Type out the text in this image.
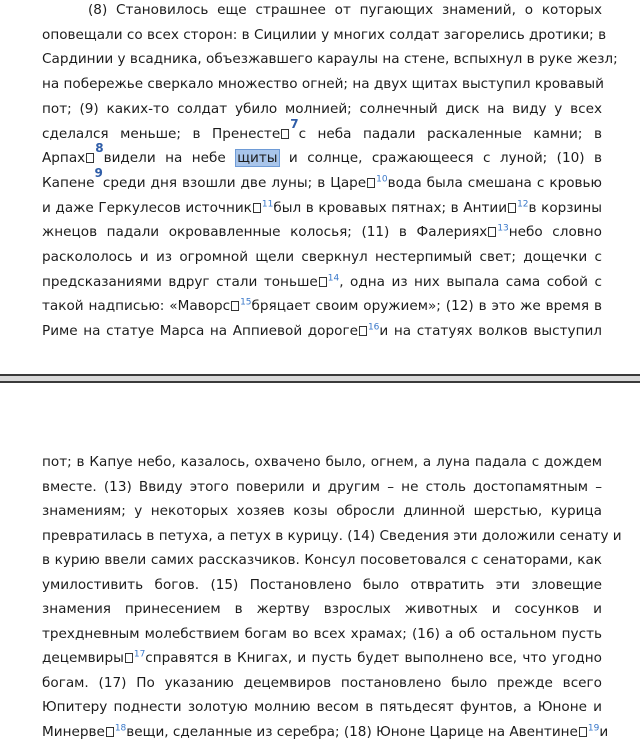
(8) Становилось еще страшнее от пугающих знамений, о которых
оповещали со всех сторон: в Сицилии у многих солдат загорелись дротики; в
Сардинии у всадника, объезжавшего караулы на стене, вспыхнул в руке жезл;
на побережье сверкало множество огней; на двух щитах выступил кровавый
пот; (9) каких-то солдат убило молнией; солнечный диск на виду у всех
сделался меньше; в Пренесте7с неба падали раскаленные камни; в
Арпах8видели на небе щиты и солнце, сражающееся с луной; (10) в
Капене9среди дня взошли две луны; в Царе $^{10}$вода была смешана с кровью
и даже Геркулесов источник $^{11}$был в кровавых пятнах; в Антии $^{12}$в корзины
жнецов падали окровавленные колосья; (11) в Фалериях $^{13}$небо словно
раскололось и из огромной щели сверкнул нестерпимый свет; дощечки с
предсказаниями вдруг стали тоньше $^{14}$, одна из них выпала сама собой с
такой надписью: «Маворс $^{15}$бряцает своим оружием»; (12) в это же время в
Риме на статуе Марса на Аппиевой дороге $^{16}$и на статуях волков выступил
пот; в Капуе небо, казалось, охвачено было, огнем, а луна падала с дождем
вместе. (13) Ввиду этого поверили и другим – не столь достопамятным –
знамениям; у некоторых хозяев козы обросли длинной шерстью, курица
превратилась в петуха, а петух в курицу. (14) Сведения эти доложили сенату и
в курию ввели самих рассказчиков. Консул посоветовался с сенаторами, как
умилостивить богов. (15) Постановлено было отвратить эти зловещие
знамения принесением в жертву взрослых животных и сосунков и
трехдневным молебствием богам во всех храмах; (16) а об остальном пусть
децемвиры $^{17}$справятся в Книгах, и пусть будет выполнено все, что угодно
богам. (17) По указанию децемвиров постановлено было прежде всего
Юпитеру поднести золотую молнию весом в пятьдесят фунтов, а Юноне и
Минерве $^{18}$вещи, сделанные из серебра; (18) Юноне Царице на Авентине $^{19}$и
